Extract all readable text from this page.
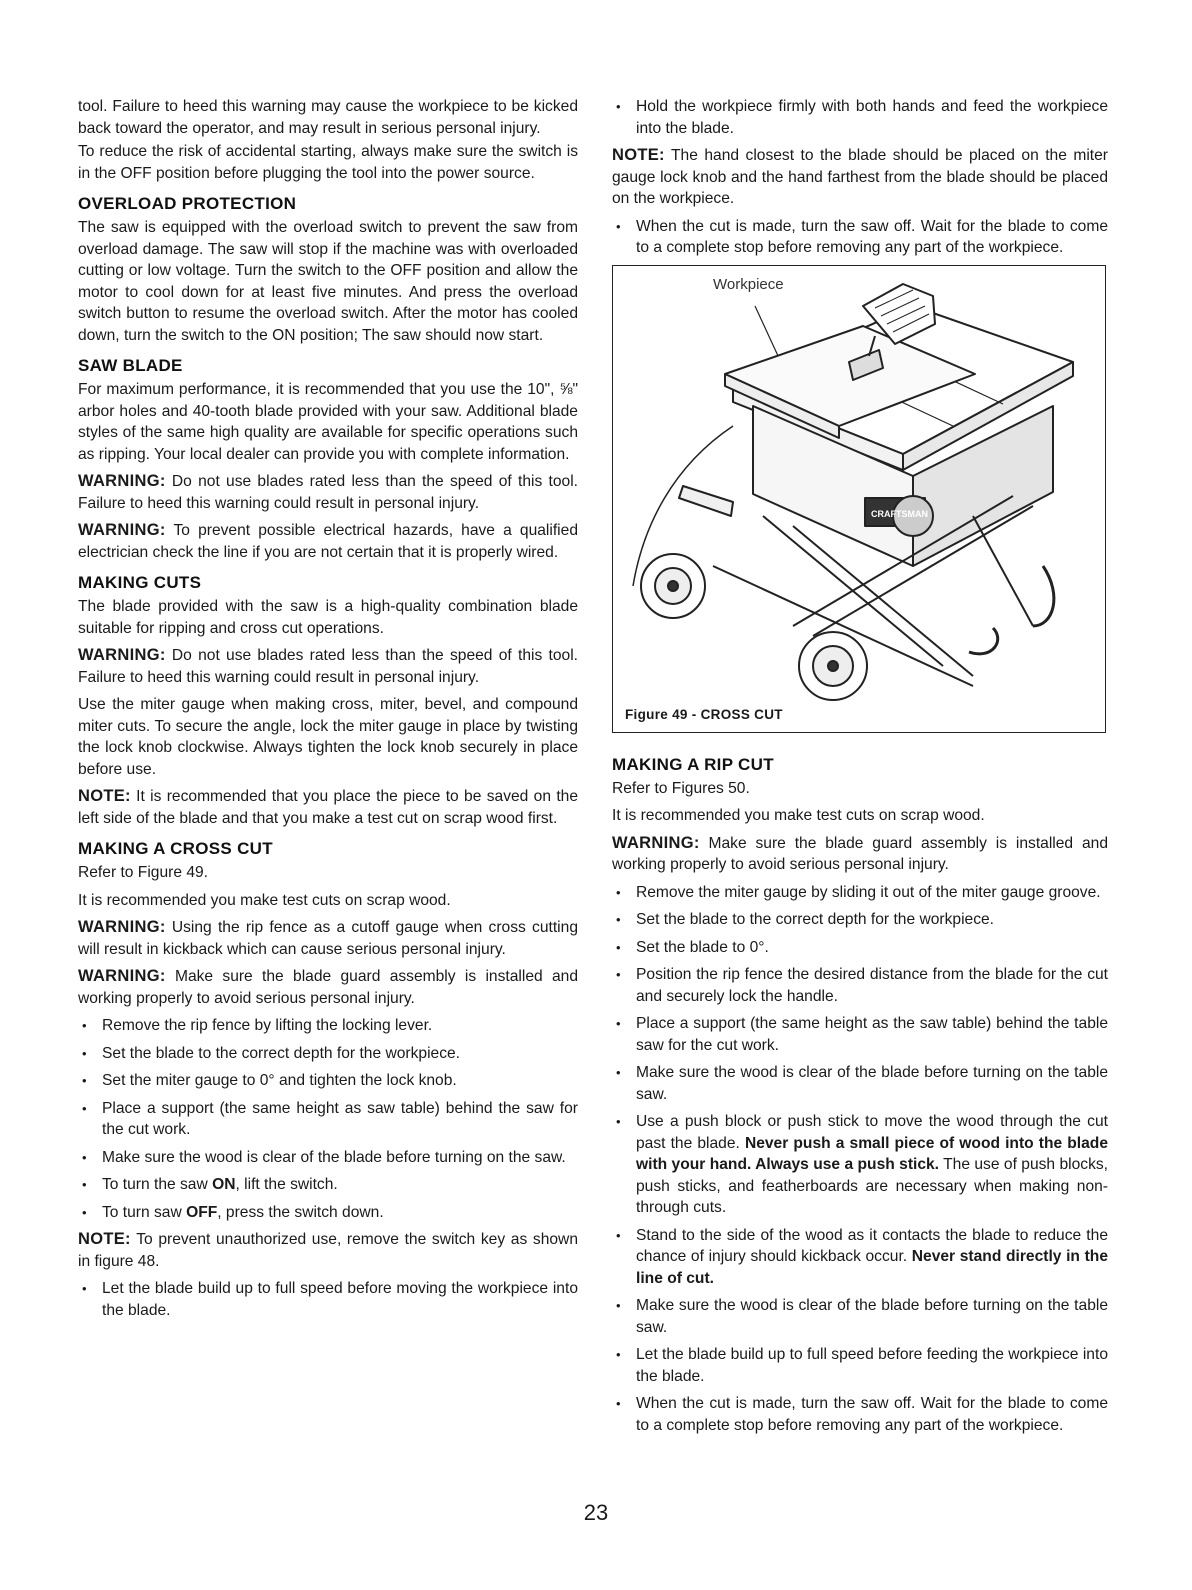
tool. Failure to heed this warning may cause the workpiece to be kicked back toward the operator, and may result in serious personal injury.

To reduce the risk of accidental starting, always make sure the switch is in the OFF position before plugging the tool into the power source.

OVERLOAD PROTECTION

The saw is equipped with the overload switch to prevent the saw from overload damage. The saw will stop if the machine was with overloaded cutting or low voltage. Turn the switch to the OFF position and allow the motor to cool down for at least five minutes. And press the overload switch button to resume the overload switch. After the motor has cooled down, turn the switch to the ON position; The saw should now start.

SAW BLADE

For maximum performance, it is recommended that you use the 10", ⅝" arbor holes and 40-tooth blade provided with your saw. Additional blade styles of the same high quality are available for specific operations such as ripping. Your local dealer can provide you with complete information.

WARNING: Do not use blades rated less than the speed of this tool. Failure to heed this warning could result in personal injury.

WARNING: To prevent possible electrical hazards, have a qualified electrician check the line if you are not certain that it is properly wired.

MAKING CUTS

The blade provided with the saw is a high-quality combination blade suitable for ripping and cross cut operations.

WARNING: Do not use blades rated less than the speed of this tool. Failure to heed this warning could result in personal injury.

Use the miter gauge when making cross, miter, bevel, and compound miter cuts. To secure the angle, lock the miter gauge in place by twisting the lock knob clockwise. Always tighten the lock knob securely in place before use.

NOTE: It is recommended that you place the piece to be saved on the left side of the blade and that you make a test cut on scrap wood first.

MAKING A CROSS CUT

Refer to Figure 49.

It is recommended you make test cuts on scrap wood.

WARNING: Using the rip fence as a cutoff gauge when cross cutting will result in kickback which can cause serious personal injury.

WARNING: Make sure the blade guard assembly is installed and working properly to avoid serious personal injury.

• Remove the rip fence by lifting the locking lever.
• Set the blade to the correct depth for the workpiece.
• Set the miter gauge to 0° and tighten the lock knob.
• Place a support (the same height as saw table) behind the saw for the cut work.
• Make sure the wood is clear of the blade before turning on the saw.
• To turn the saw ON, lift the switch.
• To turn saw OFF, press the switch down.

NOTE: To prevent unauthorized use, remove the switch key as shown in figure 48.

• Let the blade build up to full speed before moving the workpiece into the blade.
• Hold the workpiece firmly with both hands and feed the workpiece into the blade.

NOTE: The hand closest to the blade should be placed on the miter gauge lock knob and the hand farthest from the blade should be placed on the workpiece.

• When the cut is made, turn the saw off. Wait for the blade to come to a complete stop before removing any part of the workpiece.
CRAFTSMAN
Workpiece
Figure 49 - CROSS CUT
MAKING A RIP CUT

Refer to Figures 50.

It is recommended you make test cuts on scrap wood.

WARNING: Make sure the blade guard assembly is installed and working properly to avoid serious personal injury.

• Remove the miter gauge by sliding it out of the miter gauge groove.
• Set the blade to the correct depth for the workpiece.
• Set the blade to 0°.
• Position the rip fence the desired distance from the blade for the cut and securely lock the handle.
• Place a support (the same height as the saw table) behind the table saw for the cut work.
• Make sure the wood is clear of the blade before turning on the table saw.
• Use a push block or push stick to move the wood through the cut past the blade. Never push a small piece of wood into the blade with your hand. Always use a push stick. The use of push blocks, push sticks, and featherboards are necessary when making non-through cuts.
• Stand to the side of the wood as it contacts the blade to reduce the chance of injury should kickback occur. Never stand directly in the line of cut.
• Make sure the wood is clear of the blade before turning on the table saw.
• Let the blade build up to full speed before feeding the workpiece into the blade.
• When the cut is made, turn the saw off. Wait for the blade to come to a complete stop before removing any part of the workpiece.
23
